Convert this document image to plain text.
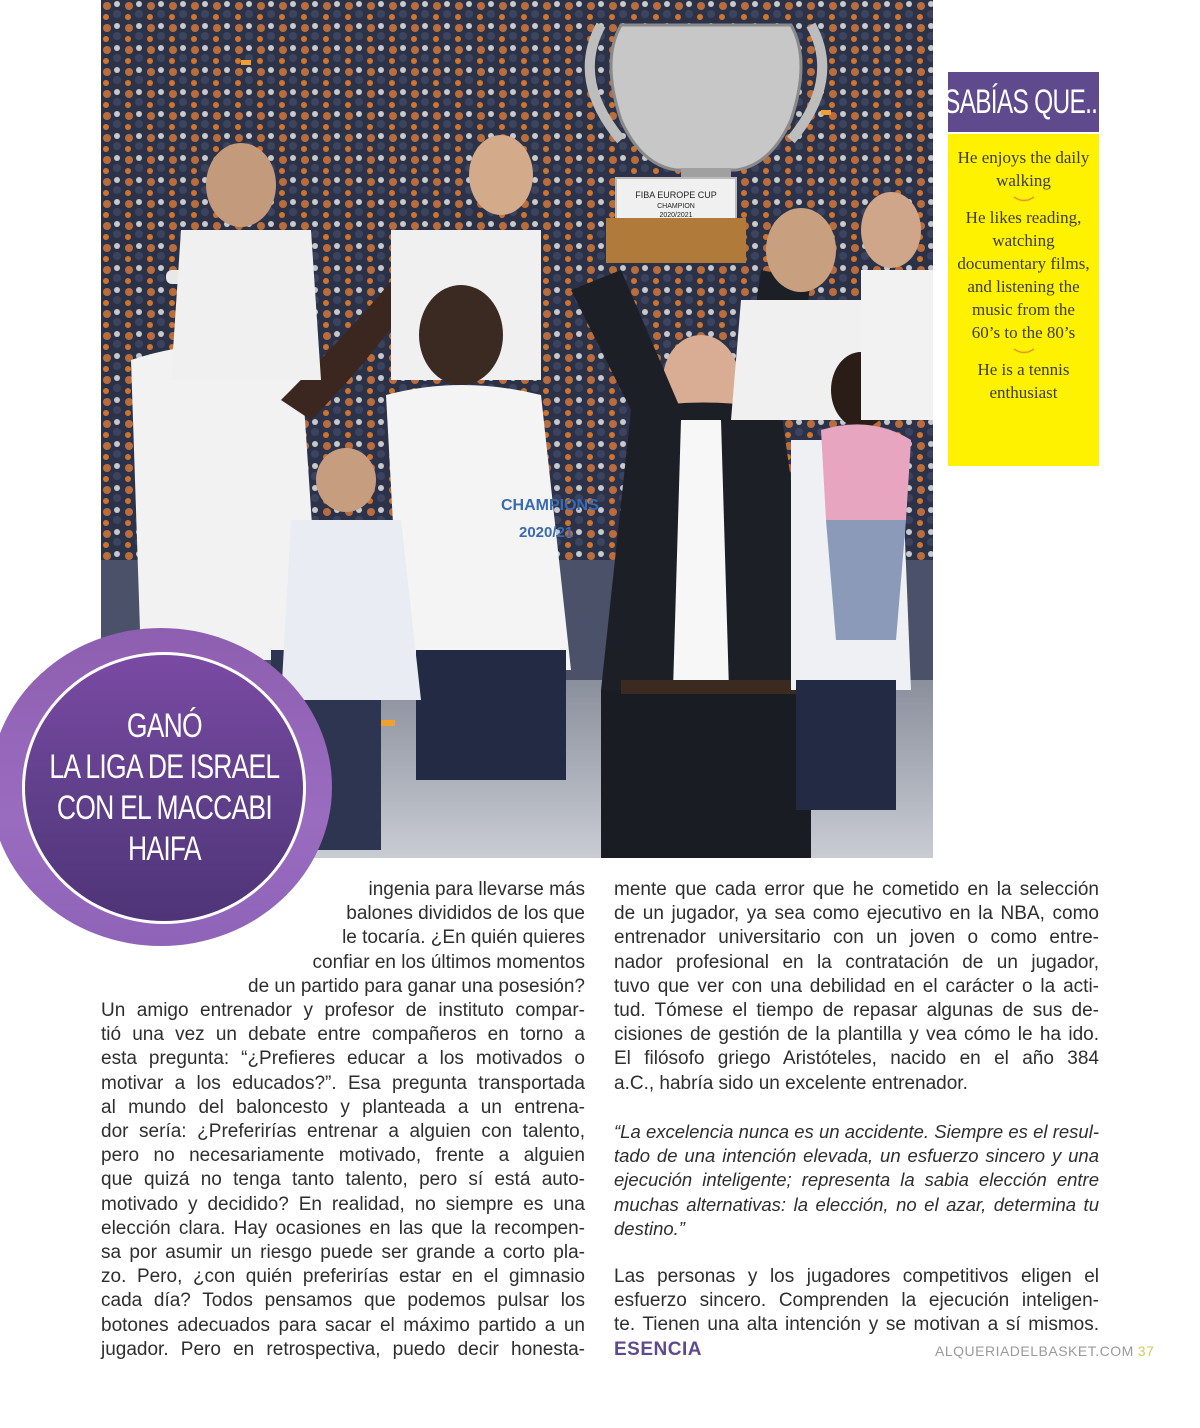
CHAMPIONS
2020/21
FIBA EUROPE CUP
CHAMPION
2020/2021
GANÓ
LA LIGA DE ISRAEL
CON EL MACCABI
HAIFA
SABÍAS QUE...

He enjoys the daily walking

He likes reading, watching documentary films, and listening the music from the 60’s to the 80’s

He is a tennis enthusiast

ingenia para llevarse más
balones divididos de los que
le tocaría. ¿En quién quieres
confiar en los últimos momentos
de un partido para ganar una posesión?
Un amigo entrenador y profesor de instituto compar-
tió una vez un debate entre compañeros en torno a
esta pregunta: “¿Prefieres educar a los motivados o
motivar a los educados?”. Esa pregunta transportada
al mundo del baloncesto y planteada a un entrena-
dor sería: ¿Preferirías entrenar a alguien con talento,
pero no necesariamente motivado, frente a alguien
que quizá no tenga tanto talento, pero sí está auto-
motivado y decidido? En realidad, no siempre es una
elección clara. Hay ocasiones en las que la recompen-
sa por asumir un riesgo puede ser grande a corto pla-
zo. Pero, ¿con quién preferirías estar en el gimnasio
cada día? Todos pensamos que podemos pulsar los
botones adecuados para sacar el máximo partido a un
jugador. Pero en retrospectiva, puedo decir honesta-
mente que cada error que he cometido en la selección
de un jugador, ya sea como ejecutivo en la NBA, como
entrenador universitario con un joven o como entre-
nador profesional en la contratación de un jugador,
tuvo que ver con una debilidad en el carácter o la acti-
tud. Tómese el tiempo de repasar algunas de sus de-
cisiones de gestión de la plantilla y vea cómo le ha ido.
El filósofo griego Aristóteles, nacido en el año 384
a.C., habría sido un excelente entrenador.
“La excelencia nunca es un accidente. Siempre es el resul-
tado de una intención elevada, un esfuerzo sincero y una
ejecución inteligente; representa la sabia elección entre
muchas alternativas: la elección, no el azar, determina tu
destino.”
Las personas y los jugadores competitivos eligen el
esfuerzo sincero. Comprenden la ejecución inteligen-
te. Tienen una alta intención y se motivan a sí mismos.
ESENCIA	ALQUERIADELBASKET.COM 37
